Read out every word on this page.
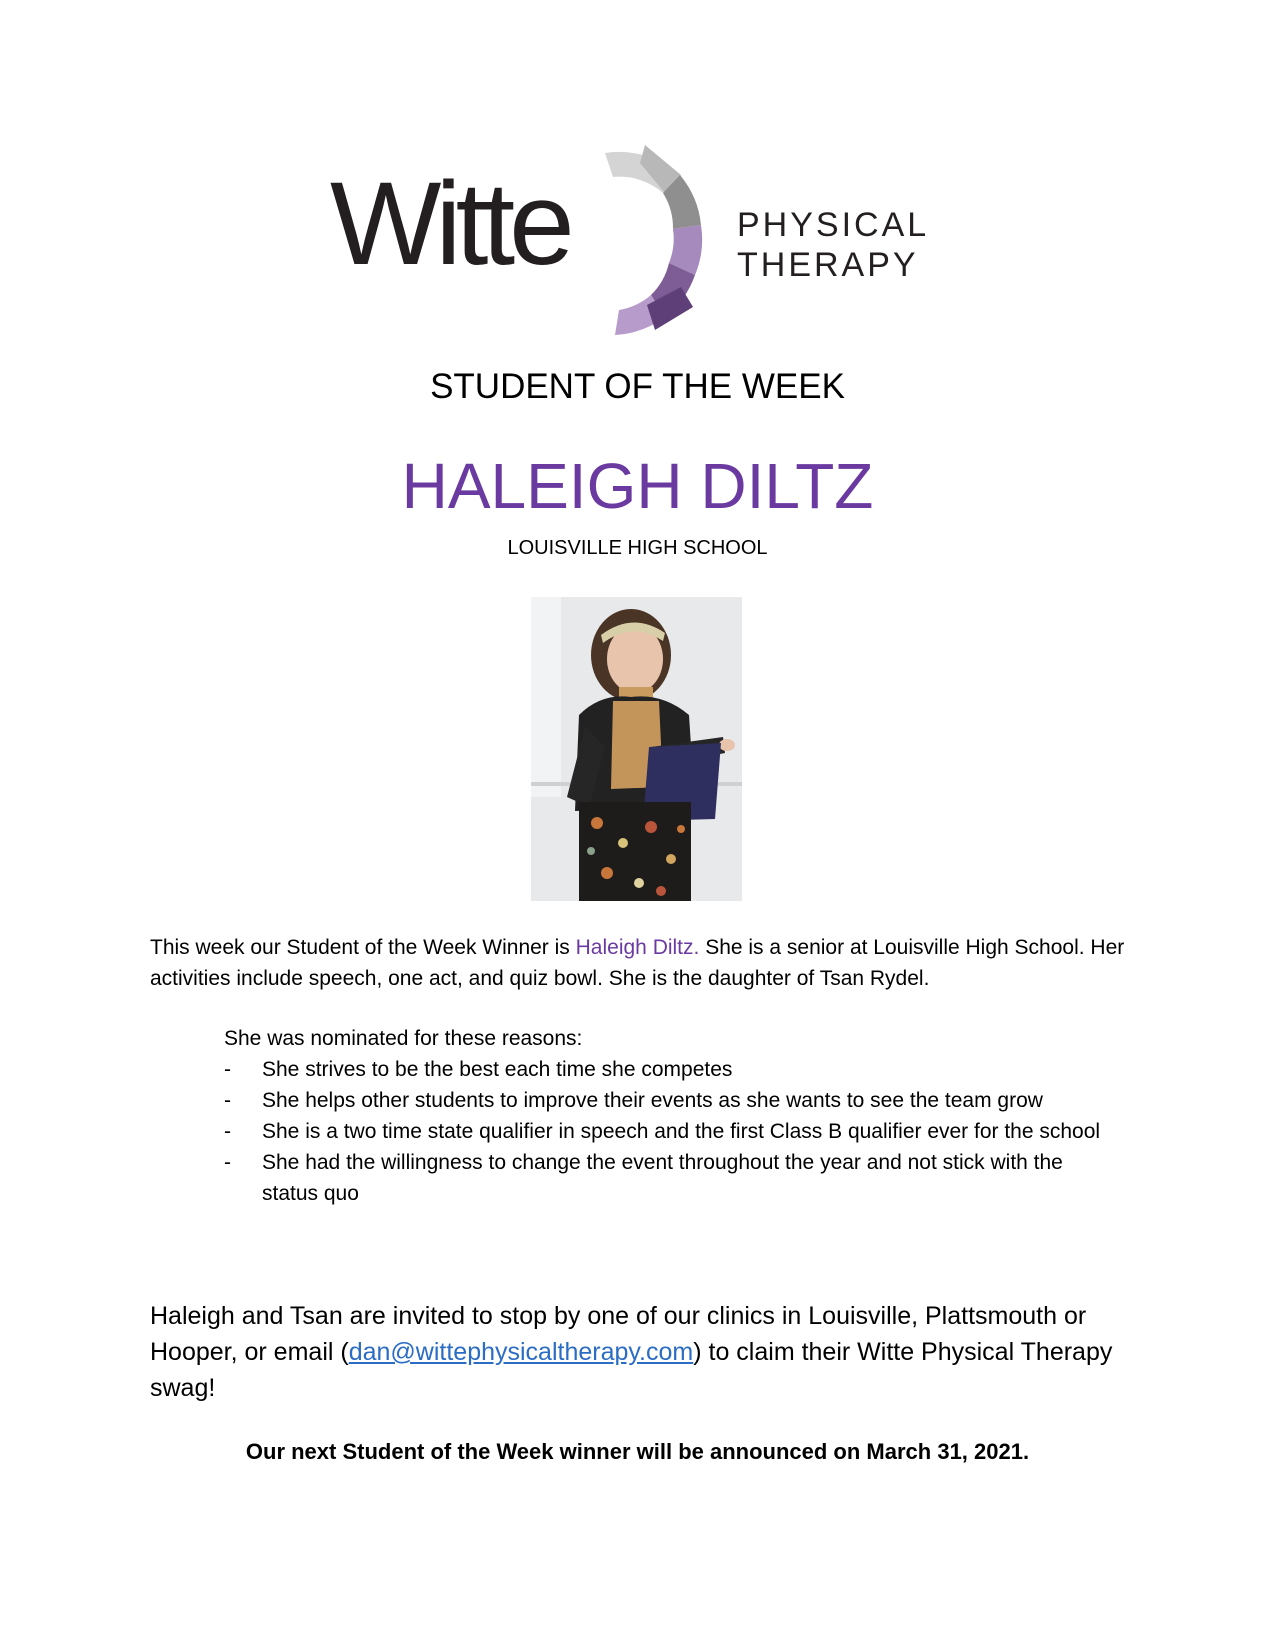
Witte	PHYSICAL
THERAPY
STUDENT OF THE WEEK
HALEIGH DILTZ
LOUISVILLE HIGH SCHOOL
This week our Student of the Week Winner is Haleigh Diltz. She is a senior at Louisville High School. Her activities include speech, one act, and quiz bowl. She is the daughter of Tsan Rydel.
She was nominated for these reasons:
- She strives to be the best each time she competes
- She helps other students to improve their events as she wants to see the team grow
- She is a two time state qualifier in speech and the first Class B qualifier ever for the school
- She had the willingness to change the event throughout the year and not stick with the status quo
Haleigh and Tsan are invited to stop by one of our clinics in Louisville, Plattsmouth or Hooper, or email (dan@wittephysicaltherapy.com) to claim their Witte Physical Therapy swag!
Our next Student of the Week winner will be announced on March 31, 2021.
